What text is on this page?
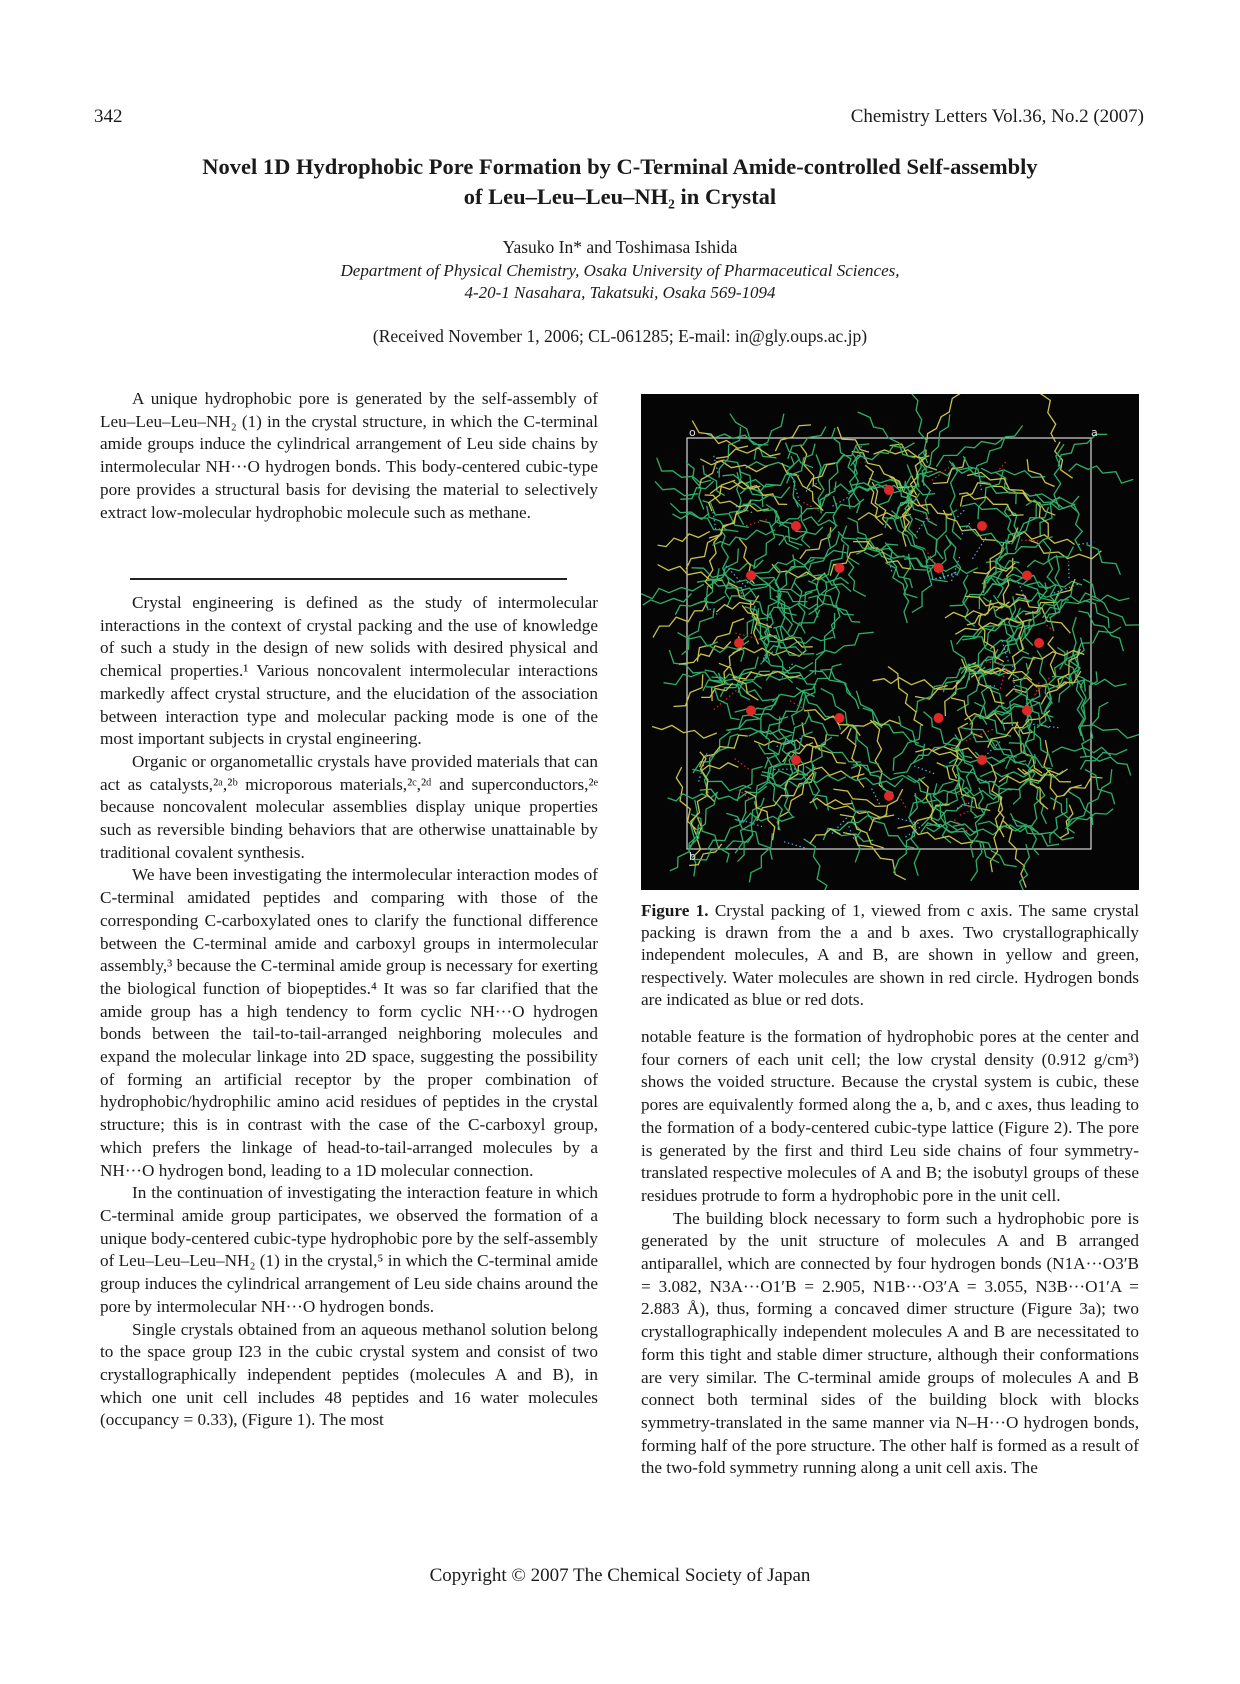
342	Chemistry Letters Vol.36, No.2 (2007)
Novel 1D Hydrophobic Pore Formation by C-Terminal Amide-controlled Self-assembly
of Leu–Leu–Leu–NH₂ in Crystal
Yasuko In* and Toshimasa Ishida
Department of Physical Chemistry, Osaka University of Pharmaceutical Sciences,
4-20-1 Nasahara, Takatsuki, Osaka 569-1094
(Received November 1, 2006; CL-061285; E-mail: in@gly.oups.ac.jp)

A unique hydrophobic pore is generated by the self-assembly of Leu–Leu–Leu–NH₂ (1) in the crystal structure, in which the C-terminal amide groups induce the cylindrical arrangement of Leu side chains by intermolecular NH···O hydrogen bonds. This body-centered cubic-type pore provides a structural basis for devising the material to selectively extract low-molecular hydrophobic molecule such as methane.

Crystal engineering is defined as the study of intermolecular interactions in the context of crystal packing and the use of knowledge of such a study in the design of new solids with desired physical and chemical properties.¹ Various noncovalent intermolecular interactions markedly affect crystal structure, and the elucidation of the association between interaction type and molecular packing mode is one of the most important subjects in crystal engineering.

Organic or organometallic crystals have provided materials that can act as catalysts,²ᵃ,²ᵇ microporous materials,²ᶜ,²ᵈ and superconductors,²ᵉ because noncovalent molecular assemblies display unique properties such as reversible binding behaviors that are otherwise unattainable by traditional covalent synthesis.

We have been investigating the intermolecular interaction modes of C-terminal amidated peptides and comparing with those of the corresponding C-carboxylated ones to clarify the functional difference between the C-terminal amide and carboxyl groups in intermolecular assembly,³ because the C-terminal amide group is necessary for exerting the biological function of biopeptides.⁴ It was so far clarified that the amide group has a high tendency to form cyclic NH···O hydrogen bonds between the tail-to-tail-arranged neighboring molecules and expand the molecular linkage into 2D space, suggesting the possibility of forming an artificial receptor by the proper combination of hydrophobic/hydrophilic amino acid residues of peptides in the crystal structure; this is in contrast with the case of the C-carboxyl group, which prefers the linkage of head-to-tail-arranged molecules by a NH···O hydrogen bond, leading to a 1D molecular connection.

In the continuation of investigating the interaction feature in which C-terminal amide group participates, we observed the formation of a unique body-centered cubic-type hydrophobic pore by the self-assembly of Leu–Leu–Leu–NH₂ (1) in the crystal,⁵ in which the C-terminal amide group induces the cylindrical arrangement of Leu side chains around the pore by intermolecular NH···O hydrogen bonds.

Single crystals obtained from an aqueous methanol solution belong to the space group I23 in the cubic crystal system and consist of two crystallographically independent peptides (molecules A and B), in which one unit cell includes 48 peptides and 16 water molecules (occupancy = 0.33), (Figure 1). The most

o	a
b
Figure 1. Crystal packing of 1, viewed from c axis. The same crystal packing is drawn from the a and b axes. Two crystallographically independent molecules, A and B, are shown in yellow and green, respectively. Water molecules are shown in red circle. Hydrogen bonds are indicated as blue or red dots.

notable feature is the formation of hydrophobic pores at the center and four corners of each unit cell; the low crystal density (0.912 g/cm³) shows the voided structure. Because the crystal system is cubic, these pores are equivalently formed along the a, b, and c axes, thus leading to the formation of a body-centered cubic-type lattice (Figure 2). The pore is generated by the first and third Leu side chains of four symmetry-translated respective molecules of A and B; the isobutyl groups of these residues protrude to form a hydrophobic pore in the unit cell.

The building block necessary to form such a hydrophobic pore is generated by the unit structure of molecules A and B arranged antiparallel, which are connected by four hydrogen bonds (N1A···O3′B = 3.082, N3A···O1′B = 2.905, N1B···O3′A = 3.055, N3B···O1′A = 2.883 Å), thus, forming a concaved dimer structure (Figure 3a); two crystallographically independent molecules A and B are necessitated to form this tight and stable dimer structure, although their conformations are very similar. The C-terminal amide groups of molecules A and B connect both terminal sides of the building block with blocks symmetry-translated in the same manner via N–H···O hydrogen bonds, forming half of the pore structure. The other half is formed as a result of the two-fold symmetry running along a unit cell axis. The

Copyright © 2007 The Chemical Society of Japan
